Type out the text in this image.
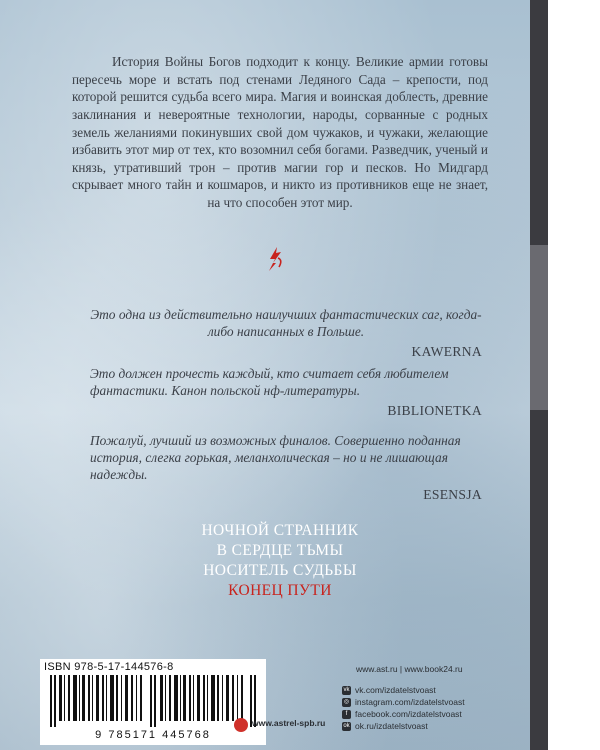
История Войны Богов подходит к концу. Великие армии готовы пересечь море и встать под стенами Ледяного Сада – крепости, под которой решится судьба всего мира. Магия и воинская доблесть, древние заклинания и невероятные технологии, народы, сорванные с родных земель желаниями покинувших свой дом чужаков, и чужаки, желающие избавить этот мир от тех, кто возомнил себя богами. Разведчик, ученый и князь, утративший трон – против магии гор и песков. Но Мидгард скрывает много тайн и кошмаров, и никто из противников еще не знает, на что способен этот мир.

Это одна из действительно наилучших фантастических саг, когда-либо написанных в Польше.
KAWERNA
Это должен прочесть каждый, кто считает себя любителем фантастики. Канон польской нф-литературы.
BIBLIONETKA
Пожалуй, лучший из возможных финалов. Совершенно поданная история, слегка горькая, меланхолическая – но и не лишающая надежды.
ESENSJA
НОЧНОЙ СТРАННИК
В СЕРДЦЕ ТЬМЫ
НОСИТЕЛЬ СУДЬБЫ
КОНЕЦ ПУТИ
ISBN 978-5-17-144576-8
9 785171 445768
www.astrel-spb.ru
www.ast.ru | www.book24.ru
vk vk.com/izdatelstvoast
◎ instagram.com/izdatelstvoast
f facebook.com/izdatelstvoast
ok ok.ru/izdatelstvoast
